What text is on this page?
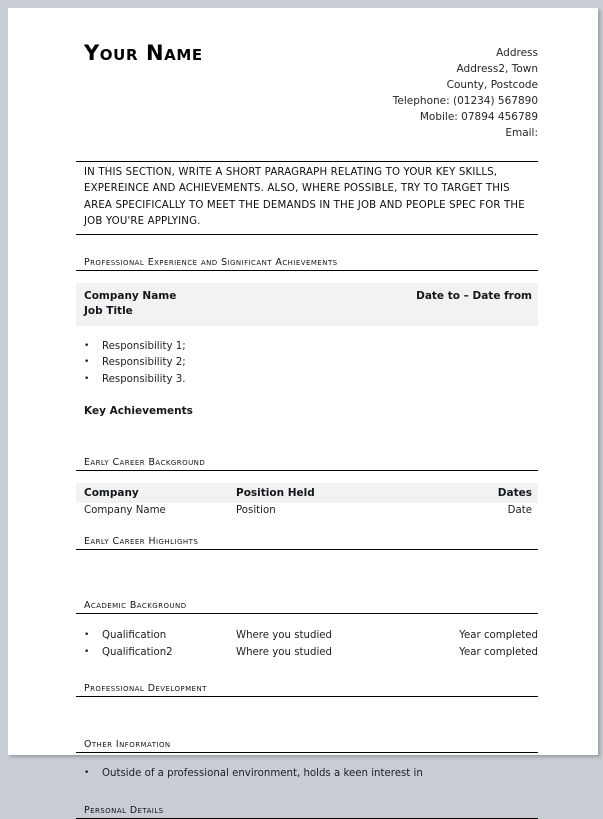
Your Name	Address
Address2, Town
County, Postcode
Telephone: (01234) 567890
Mobile: 07894 456789
Email:
IN THIS SECTION, WRITE A SHORT PARAGRAPH RELATING TO YOUR KEY SKILLS, EXPEREINCE AND ACHIEVEMENTS. ALSO, WHERE POSSIBLE, TRY TO TARGET THIS AREA SPECIFICALLY TO MEET THE DEMANDS IN THE JOB AND PEOPLE SPEC FOR THE JOB YOU'RE APPLYING.
Professional Experience and Significant Achievements
Company Name	Date to – Date from
Job Title
•	Responsibility 1;
•	Responsibility 2;
•	Responsibility 3.
Key Achievements
Early Career Background
Company	Position Held	Dates
Company Name	Position	Date
Early Career Highlights
Academic Background
•	Qualification	Where you studied	Year completed
•	Qualification2	Where you studied	Year completed
Professional Development
Other Information
•	Outside of a professional environment, holds a keen interest in
Personal Details
